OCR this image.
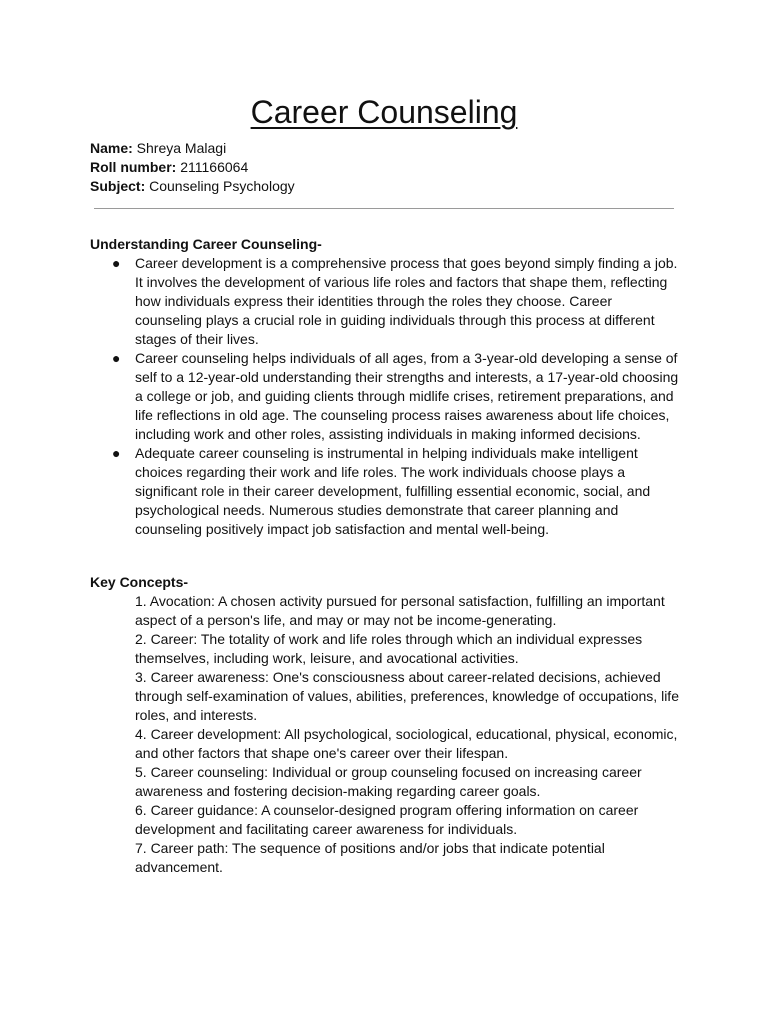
Career Counseling
Name: Shreya Malagi
Roll number: 211166064
Subject: Counseling Psychology
Understanding Career Counseling-
● Career development is a comprehensive process that goes beyond simply finding a job. It involves the development of various life roles and factors that shape them, reflecting how individuals express their identities through the roles they choose. Career counseling plays a crucial role in guiding individuals through this process at different stages of their lives.
● Career counseling helps individuals of all ages, from a 3-year-old developing a sense of self to a 12-year-old understanding their strengths and interests, a 17-year-old choosing a college or job, and guiding clients through midlife crises, retirement preparations, and life reflections in old age. The counseling process raises awareness about life choices, including work and other roles, assisting individuals in making informed decisions.
● Adequate career counseling is instrumental in helping individuals make intelligent choices regarding their work and life roles. The work individuals choose plays a significant role in their career development, fulfilling essential economic, social, and psychological needs. Numerous studies demonstrate that career planning and counseling positively impact job satisfaction and mental well-being.
Key Concepts-
1. Avocation: A chosen activity pursued for personal satisfaction, fulfilling an important aspect of a person's life, and may or may not be income-generating.
2. Career: The totality of work and life roles through which an individual expresses themselves, including work, leisure, and avocational activities.
3. Career awareness: One's consciousness about career-related decisions, achieved through self-examination of values, abilities, preferences, knowledge of occupations, life roles, and interests.
4. Career development: All psychological, sociological, educational, physical, economic, and other factors that shape one's career over their lifespan.
5. Career counseling: Individual or group counseling focused on increasing career awareness and fostering decision-making regarding career goals.
6. Career guidance: A counselor-designed program offering information on career development and facilitating career awareness for individuals.
7. Career path: The sequence of positions and/or jobs that indicate potential advancement.
